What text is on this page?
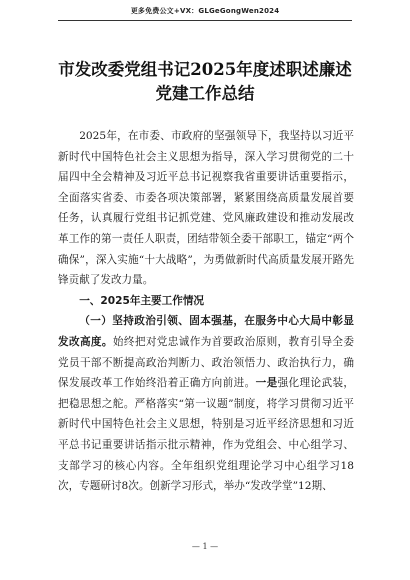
更多免费公文+VX：GLGeGongWen2024
市发改委党组书记2025年度述职述廉述
党建工作总结

2025年，在市委、市政府的坚强领导下，我坚持以习近平新时代中国特色社会主义思想为指导，深入学习贯彻党的二十届四中全会精神及习近平总书记视察我省重要讲话重要指示，全面落实省委、市委各项决策部署，紧紧围绕高质量发展首要任务，认真履行党组书记抓党建、党风廉政建设和推动发展改革工作的第一责任人职责，团结带领全委干部职工，锚定“两个确保”，深入实施“十大战略”，为勇做新时代高质量发展开路先锋贡献了发改力量。

一、2025年主要工作情况

（一）坚持政治引领、固本强基，在服务中心大局中彰显发改高度。始终把对党忠诚作为首要政治原则，教育引导全委党员干部不断提高政治判断力、政治领悟力、政治执行力，确保发展改革工作始终沿着正确方向前进。一是强化理论武装，把稳思想之舵。严格落实“第一议题”制度，将学习贯彻习近平新时代中国特色社会主义思想，特别是习近平经济思想和习近平总书记重要讲话指示批示精神，作为党组会、中心组学习、支部学习的核心内容。全年组织党组理论学习中心组学习18次，专题研讨8次。创新学习形式，举办“发改学堂”12期、

— 1 —
